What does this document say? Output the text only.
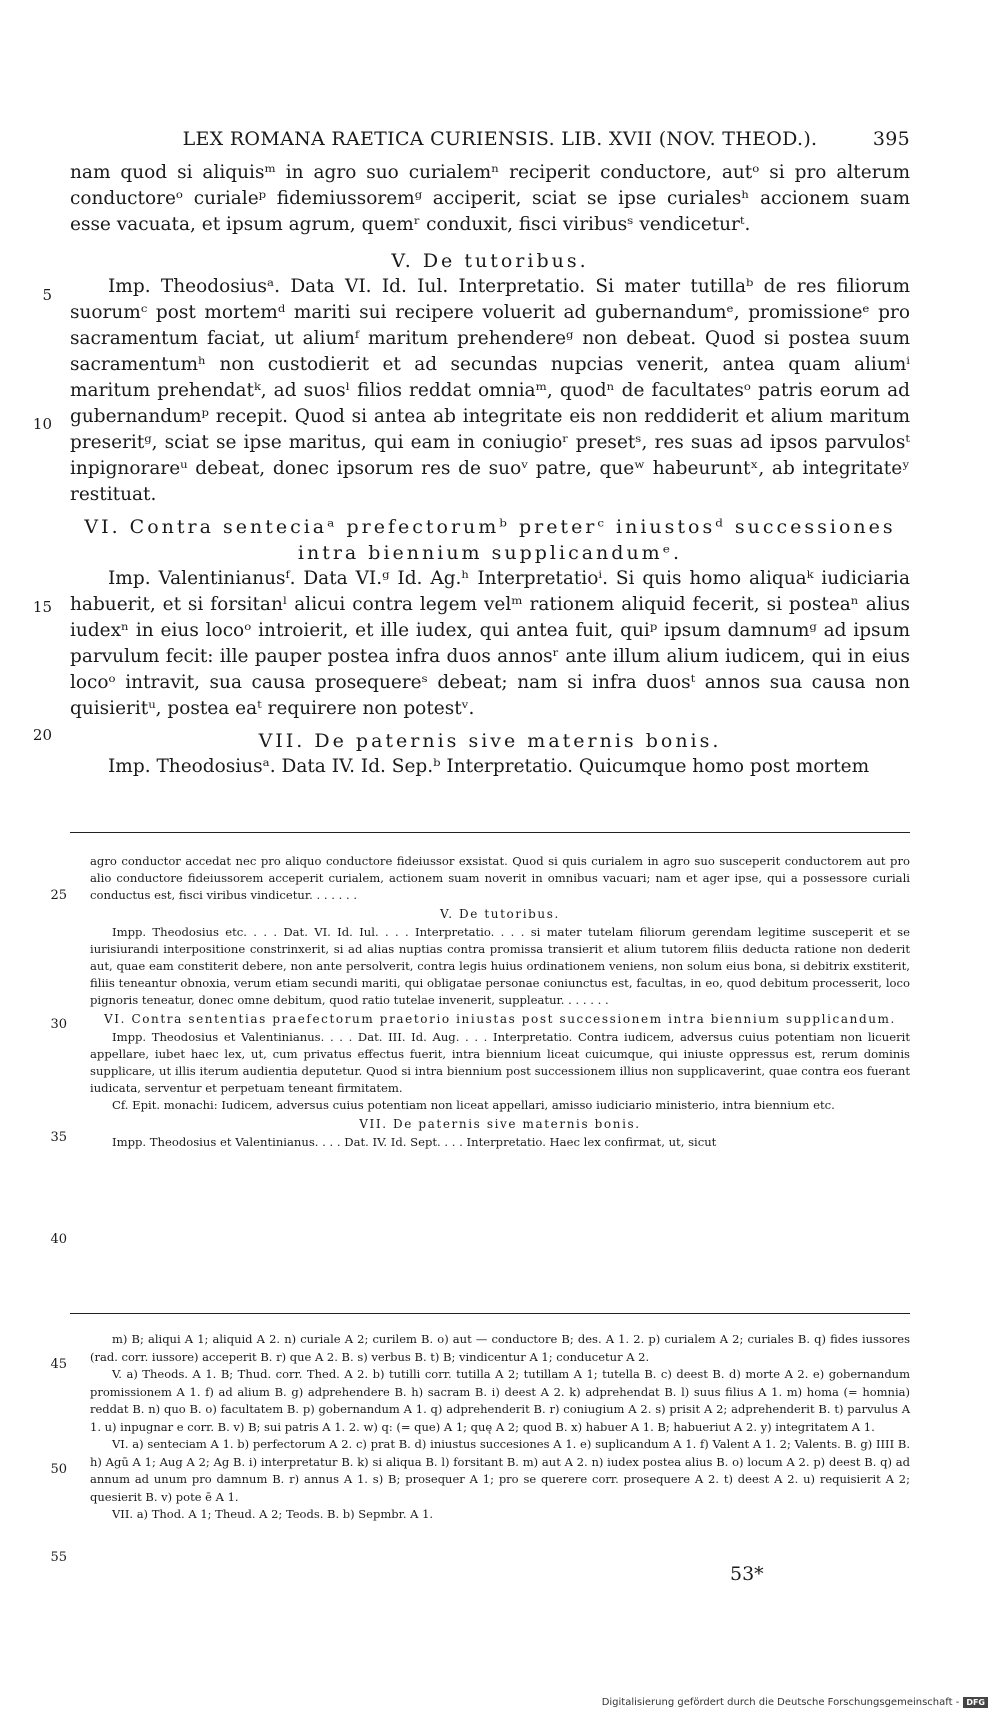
LEX ROMANA RAETICA CURIENSIS. LIB. XVII (NOV. THEOD.).	395
5
10
15
20

nam quod si aliquisᵐ in agro suo curialemⁿ reciperit conductore, autᵒ si pro alterum conductoreᵒ curialeᵖ fidemiussoremᵍ acciperit, sciat se ipse curialesʰ accionem suam esse vacuata, et ipsum agrum, quemʳ conduxit, fisci viribusˢ vendiceturᵗ.

V. De tutoribus.

Imp. Theodosiusᵃ. Data VI. Id. Iul. Interpretatio. Si mater tutillaᵇ de res filiorum suorumᶜ post mortemᵈ mariti sui recipere voluerit ad gubernandumᵉ, promissioneᵉ pro sacramentum faciat, ut aliumᶠ maritum prehendereᵍ non debeat. Quod si postea suum sacramentumʰ non custodierit et ad secundas nupcias venerit, antea quam aliumⁱ maritum prehendatᵏ, ad suosˡ filios reddat omniaᵐ, quodⁿ de facultatesᵒ patris eorum ad gubernandumᵖ recepit. Quod si antea ab integritate eis non reddiderit et alium maritum preseritᵍ, sciat se ipse maritus, qui eam in coniugioʳ presetˢ, res suas ad ipsos parvulosᵗ inpignorareᵘ debeat, donec ipsorum res de suoᵛ patre, queʷ habeuruntˣ, ab integritateʸ restituat.

VI. Contra senteciaᵃ prefectorumᵇ preterᶜ iniustosᵈ successiones

intra biennium supplicandumᵉ.

Imp. Valentinianusᶠ. Data VI.ᵍ Id. Ag.ʰ Interpretatioⁱ. Si quis homo aliquaᵏ iudiciaria habuerit, et si forsitanˡ alicui contra legem velᵐ rationem aliquid fecerit, si posteaⁿ alius iudexⁿ in eius locoᵒ introierit, et ille iudex, qui antea fuit, quiᵖ ipsum damnumᵍ ad ipsum parvulum fecit: ille pauper postea infra duos annosʳ ante illum alium iudicem, qui in eius locoᵒ intravit, sua causa prosequereˢ debeat; nam si infra duosᵗ annos sua causa non quisieritᵘ, postea eaᵗ requirere non potestᵛ.

VII. De paternis sive maternis bonis.

Imp. Theodosiusᵃ. Data IV. Id. Sep.ᵇ Interpretatio. Quicumque homo post mortem

25
30
35
40

agro conductor accedat nec pro aliquo conductore fideiussor exsistat. Quod si quis curialem in agro suo susceperit conductorem aut pro alio conductore fideiussorem acceperit curialem, actionem suam noverit in omnibus vacuari; nam et ager ipse, qui a possessore curiali conductus est, fisci viribus vindicetur. . . . . . .

V. De tutoribus.

Impp. Theodosius etc. . . . Dat. VI. Id. Iul. . . . Interpretatio. . . . si mater tutelam filiorum gerendam legitime susceperit et se iurisiurandi interpositione constrinxerit, si ad alias nuptias contra promissa transierit et alium tutorem filiis deducta ratione non dederit aut, quae eam constiterit debere, non ante persolverit, contra legis huius ordinationem veniens, non solum eius bona, si debitrix exstiterit, filiis teneantur obnoxia, verum etiam secundi mariti, qui obligatae personae coniunctus est, facultas, in eo, quod debitum processerit, loco pignoris teneatur, donec omne debitum, quod ratio tutelae invenerit, suppleatur. . . . . . .

VI. Contra sententias praefectorum praetorio iniustas post successionem intra biennium supplicandum.

Impp. Theodosius et Valentinianus. . . . Dat. III. Id. Aug. . . . Interpretatio. Contra iudicem, adversus cuius potentiam non licuerit appellare, iubet haec lex, ut, cum privatus effectus fuerit, intra biennium liceat cuicumque, qui iniuste oppressus est, rerum dominis supplicare, ut illis iterum audientia deputetur. Quod si intra biennium post successionem illius non supplicaverint, quae contra eos fuerant iudicata, serventur et perpetuam teneant firmitatem.

Cf. Epit. monachi: Iudicem, adversus cuius potentiam non liceat appellari, amisso iudiciario ministerio, intra biennium etc.

VII. De paternis sive maternis bonis.

Impp. Theodosius et Valentinianus. . . . Dat. IV. Id. Sept. . . . Interpretatio. Haec lex confirmat, ut, sicut

45
50
55

m) B; aliqui A 1; aliquid A 2. n) curiale A 2; curilem B. o) aut — conductore B; des. A 1. 2. p) curialem A 2; curiales B. q) fides iussores (rad. corr. iussore) acceperit B. r) que A 2. B. s) verbus B. t) B; vindicentur A 1; conducetur A 2.

V. a) Theods. A 1. B; Thud. corr. Thed. A 2. b) tutilli corr. tutilla A 2; tutillam A 1; tutella B. c) deest B. d) morte A 2. e) gobernandum promissionem A 1. f) ad alium B. g) adprehendere B. h) sacram B. i) deest A 2. k) adprehendat B. l) suus filius A 1. m) homa (= homnia) reddat B. n) quo B. o) facultatem B. p) gobernandum A 1. q) adprehenderit B. r) coniugium A 2. s) prisit A 2; adprehenderit B. t) parvulus A 1. u) inpugnar e corr. B. v) B; sui patris A 1. 2. w) q: (= que) A 1; quę A 2; quod B. x) habuer A 1. B; habueriut A 2. y) integritatem A 1.

VI. a) senteciam A 1. b) perfectorum A 2. c) prat B. d) iniustus succesiones A 1. e) suplicandum A 1. f) Valent A 1. 2; Valents. B. g) IIII B. h) Agū A 1; Aug A 2; Ag B. i) interpretatur B. k) si aliqua B. l) forsitant B. m) aut A 2. n) iudex postea alius B. o) locum A 2. p) deest B. q) ad annum ad unum pro damnum B. r) annus A 1. s) B; prosequer A 1; pro se querere corr. prosequere A 2. t) deest A 2. u) requisierit A 2; quesierit B. v) pote ē A 1.

VII. a) Thod. A 1; Theud. A 2; Teods. B. b) Sepmbr. A 1.

53*
Digitalisierung gefördert durch die Deutsche Forschungsgemeinschaft - DFG
